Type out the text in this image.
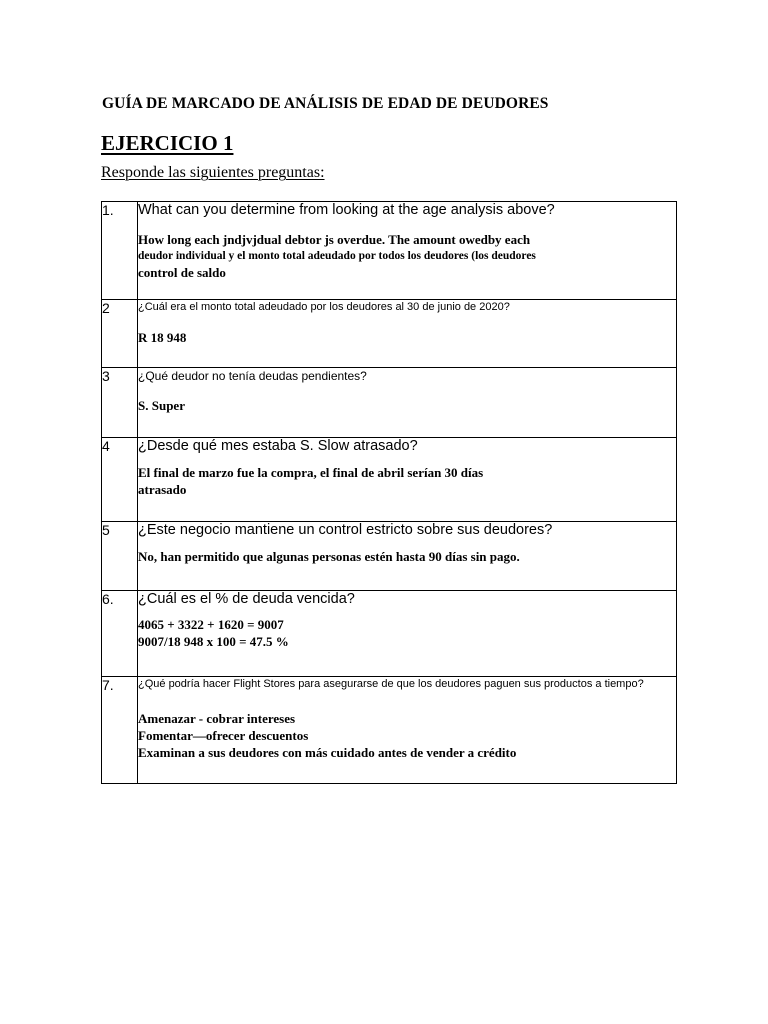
GUÍA DE MARCADO DE ANÁLISIS DE EDAD DE DEUDORES
EJERCICIO 1
Responde las siguientes preguntas:
1.	What can you determine from looking at the age analysis above?
How long each jndjvjdual debtor js overdue. The amount owedby each
deudor individual y el monto total adeudado por todos los deudores (los deudores
control de saldo

2	¿Cuál era el monto total adeudado por los deudores al 30 de junio de 2020?
R 18 948

3	¿Qué deudor no tenía deudas pendientes?
S. Super

4	¿Desde qué mes estaba S. Slow atrasado?
El final de marzo fue la compra, el final de abril serían 30 días
atrasado

5	¿Este negocio mantiene un control estricto sobre sus deudores?
No, han permitido que algunas personas estén hasta 90 días sin pago.

6.	¿Cuál es el % de deuda vencida?
4065 + 3322 + 1620 = 9007
9007/18 948 x 100 = 47.5 %

7.	¿Qué podría hacer Flight Stores para asegurarse de que los deudores paguen sus productos a tiempo?
Amenazar - cobrar intereses
Fomentar—ofrecer descuentos
Examinan a sus deudores con más cuidado antes de vender a crédito
